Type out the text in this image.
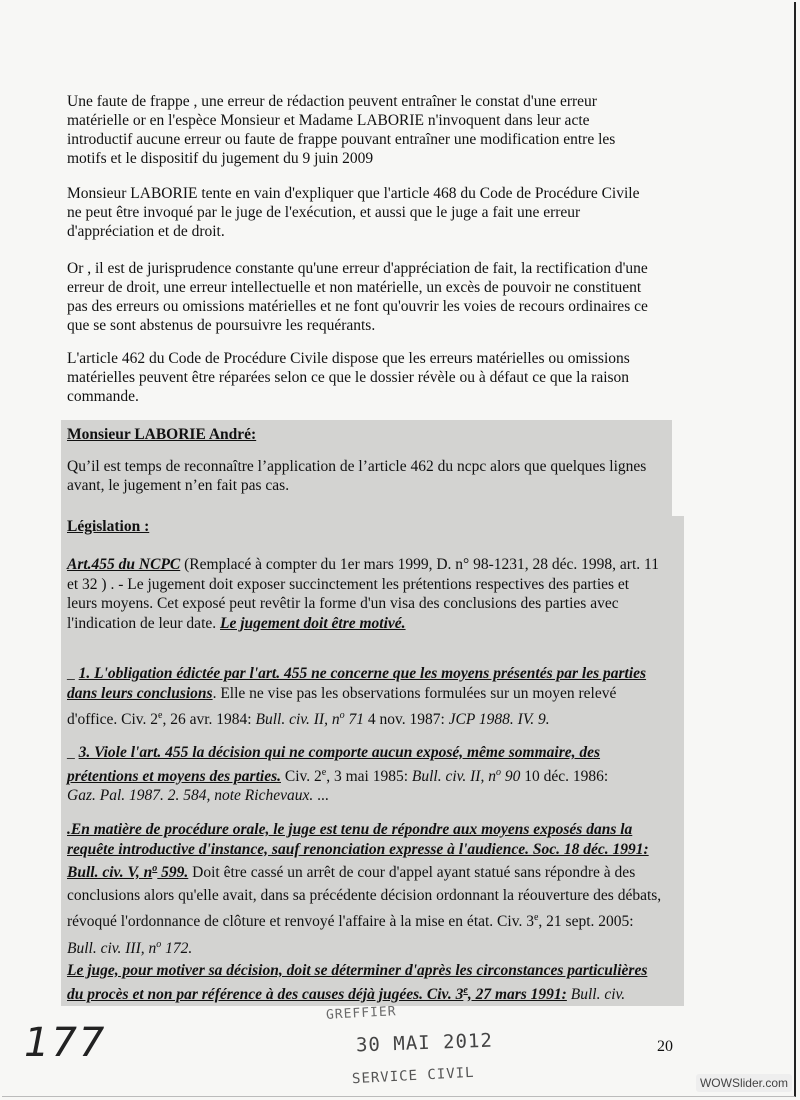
Une faute de frappe , une erreur de rédaction peuvent entraîner le constat d'une erreur
matérielle or en l'espèce Monsieur et Madame LABORIE n'invoquent dans leur acte
introductif aucune erreur ou faute de frappe pouvant entraîner une modification entre les
motifs et le dispositif du jugement du 9 juin 2009

Monsieur LABORIE tente en vain d'expliquer que l'article 468 du Code de Procédure Civile
ne peut être invoqué par le juge de l'exécution, et aussi que le juge a fait une erreur
d'appréciation et de droit.

Or , il est de jurisprudence constante qu'une erreur d'appréciation de fait, la rectification d'une
erreur de droit, une erreur intellectuelle et non matérielle, un excès de pouvoir ne constituent
pas des erreurs ou omissions matérielles et ne font qu'ouvrir les voies de recours ordinaires ce
que se sont abstenus de poursuivre les requérants.

L'article 462 du Code de Procédure Civile dispose que les erreurs matérielles ou omissions
matérielles peuvent être réparées selon ce que le dossier révèle ou à défaut ce que la raison
commande.

Monsieur LABORIE André:
Qu’il est temps de reconnaître l’application de l’article 462 du ncpc alors que quelques lignes
avant, le jugement n’en fait pas cas.
Législation :
Art.455 du NCPC (Remplacé à compter du 1er mars 1999, D. n° 98-1231, 28 déc. 1998, art. 11
et 32 ) . - Le jugement doit exposer succinctement les prétentions respectives des parties et
leurs moyens. Cet exposé peut revêtir la forme d'un visa des conclusions des parties avec
l'indication de leur date. Le jugement doit être motivé.
_ 1. L'obligation édictée par l'art. 455 ne concerne que les moyens présentés par les parties
dans leurs conclusions. Elle ne vise pas les observations formulées sur un moyen relevé
d'office. Civ. 2e, 26 avr. 1984: Bull. civ. II, $n^o$ 71 4 nov. 1987: JCP 1988. IV. 9.
_ 3. Viole l'art. 455 la décision qui ne comporte aucun exposé, même sommaire, des
prétentions et moyens des parties. Civ. 2e, 3 mai 1985: Bull. civ. II, $n^o$ 90 10 déc. 1986:
Gaz. Pal. 1987. 2. 584, note Richevaux. ...
.En matière de procédure orale, le juge est tenu de répondre aux moyens exposés dans la
requête introductive d'instance, sauf renonciation expresse à l'audience. Soc. 18 déc. 1991:
Bull. civ. V, $n^o$ 599. Doit être cassé un arrêt de cour d'appel ayant statué sans répondre à des
conclusions alors qu'elle avait, dans sa précédente décision ordonnant la réouverture des débats,
révoqué l'ordonnance de clôture et renvoyé l'affaire à la mise en état. Civ. 3e, 21 sept. 2005:
Bull. civ. III, $n^o$ 172.
Le juge, pour motiver sa décision, doit se déterminer d'après les circonstances particulières
du procès et non par référence à des causes déjà jugées. Civ. 3e, 27 mars 1991: Bull. civ.
GREFFIER
30 MAI 2012
SERVICE CIVIL
177	20
WOWSlider.com
